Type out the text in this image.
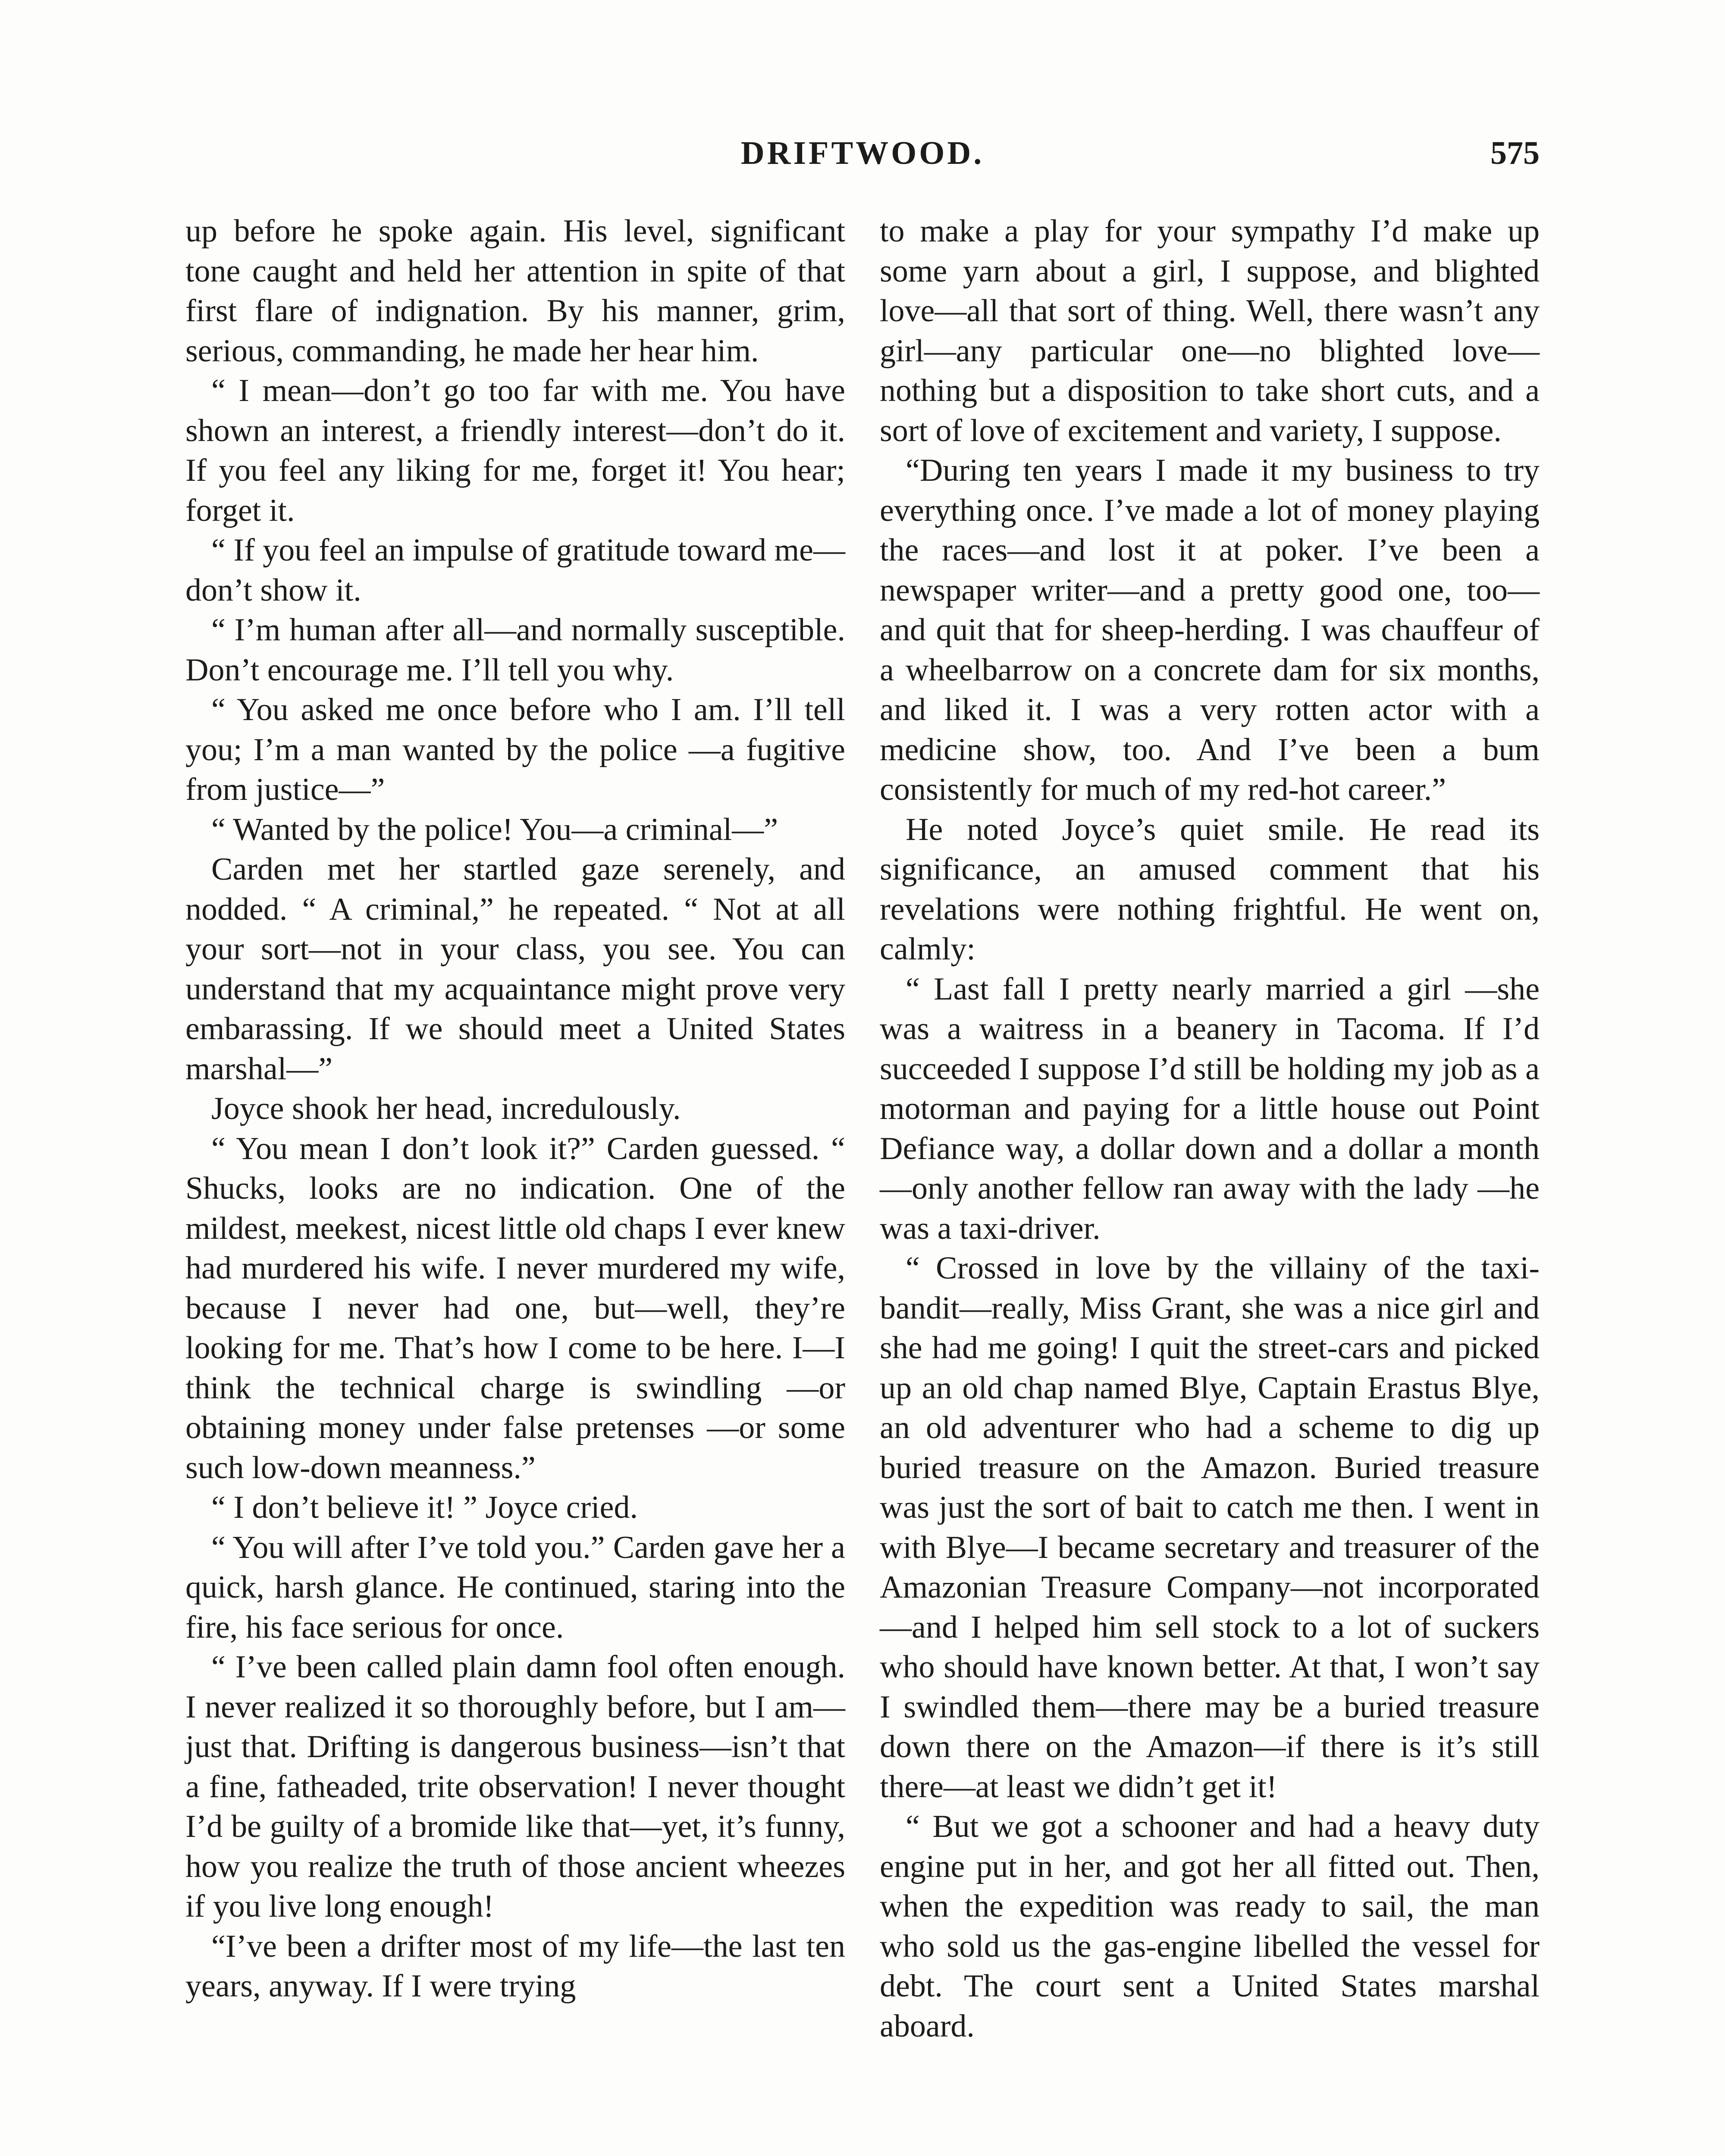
DRIFTWOOD.	575

up before he spoke again. His level, significant tone caught and held her attention in spite of that first flare of indignation. By his manner, grim, serious, commanding, he made her hear him.

“ I mean—don’t go too far with me. You have shown an interest, a friendly interest—don’t do it. If you feel any liking for me, forget it! You hear; forget it.

“ If you feel an impulse of gratitude toward me—don’t show it.

“ I’m human after all—and normally susceptible. Don’t encourage me. I’ll tell you why.

“ You asked me once before who I am. I’ll tell you; I’m a man wanted by the police —a fugitive from justice—”

“ Wanted by the police! You—a criminal—”

Carden met her startled gaze serenely, and nodded. “ A criminal,” he repeated. “ Not at all your sort—not in your class, you see. You can understand that my acquaintance might prove very embarassing. If we should meet a United States marshal—”

Joyce shook her head, incredulously.

“ You mean I don’t look it?” Carden guessed. “ Shucks, looks are no indication. One of the mildest, meekest, nicest little old chaps I ever knew had murdered his wife. I never murdered my wife, because I never had one, but—well, they’re looking for me. That’s how I come to be here. I—I think the technical charge is swindling —or obtaining money under false pretenses —or some such low-down meanness.”

“ I don’t believe it! ” Joyce cried.

“ You will after I’ve told you.” Carden gave her a quick, harsh glance. He continued, staring into the fire, his face serious for once.

“ I’ve been called plain damn fool often enough. I never realized it so thoroughly before, but I am—just that. Drifting is dangerous business—isn’t that a fine, fatheaded, trite observation! I never thought I’d be guilty of a bromide like that—yet, it’s funny, how you realize the truth of those ancient wheezes if you live long enough!

“I’ve been a drifter most of my life—the last ten years, anyway. If I were trying

to make a play for your sympathy I’d make up some yarn about a girl, I suppose, and blighted love—all that sort of thing. Well, there wasn’t any girl—any particular one—no blighted love—nothing but a disposition to take short cuts, and a sort of love of excitement and variety, I suppose.

“During ten years I made it my business to try everything once. I’ve made a lot of money playing the races—and lost it at poker. I’ve been a newspaper writer—and a pretty good one, too—and quit that for sheep-herding. I was chauffeur of a wheelbarrow on a concrete dam for six months, and liked it. I was a very rotten actor with a medicine show, too. And I’ve been a bum consistently for much of my red-hot career.”

He noted Joyce’s quiet smile. He read its significance, an amused comment that his revelations were nothing frightful. He went on, calmly:

“ Last fall I pretty nearly married a girl —she was a waitress in a beanery in Tacoma. If I’d succeeded I suppose I’d still be holding my job as a motorman and paying for a little house out Point Defiance way, a dollar down and a dollar a month—only another fellow ran away with the lady —he was a taxi-driver.

“ Crossed in love by the villainy of the taxi-bandit—really, Miss Grant, she was a nice girl and she had me going! I quit the street-cars and picked up an old chap named Blye, Captain Erastus Blye, an old adventurer who had a scheme to dig up buried treasure on the Amazon. Buried treasure was just the sort of bait to catch me then. I went in with Blye—I became secretary and treasurer of the Amazonian Treasure Company—not incorporated—and I helped him sell stock to a lot of suckers who should have known better. At that, I won’t say I swindled them—there may be a buried treasure down there on the Amazon—if there is it’s still there—at least we didn’t get it!

“ But we got a schooner and had a heavy duty engine put in her, and got her all fitted out. Then, when the expedition was ready to sail, the man who sold us the gas-engine libelled the vessel for debt. The court sent a United States marshal aboard.
